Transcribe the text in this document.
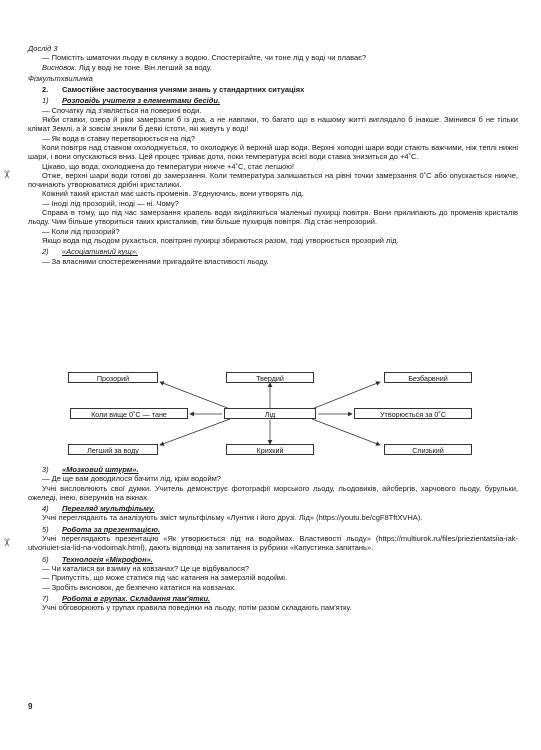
✂
✂

Дослід 3

— Помістіть шматочки льоду в склянку з водою. Спостерігайте, чи тоне лід у воді чи плаває?

Висновок. Лід у воді не тоне. Він легший за воду.

Фізкультхвилинка

2. Самостійне застосування учнями знань у стандартних ситуаціях

1) Розповідь учителя з елементами бесіди.

— Спочатку лід з'являється на поверхні води.

Якби ставки, озера й ріки замерзали б із дна, а не навпаки, то багато що в нашому житті виглядало б інакше. Змінився б не тільки клімат Землі, а й зовсім зникли б деякі істоти, які живуть у воді!

— Як вода в ставку перетворюється на лід?

Коли повітря над ставком охолоджується, то охолоджує й верхній шар води. Верхні холодні шари води стають важчими, ніж теплі нижні шари, і вони опускаються вниз. Цей процес триває доти, поки температура всієї води ставка знизиться до +4˚С.

Цікаво, що вода, охолоджена до температури нижче +4˚С, стає легшою!

Отже, верхні шари води готові до замерзання. Коли температура залишається на рівні точки замерзання 0˚С або опускається нижче, починають утворюватися дрібні кристалики.

Кожний такий кристал має шість променів. З'єднуючись, вони утворять лід.

— Іноді лід прозорий, іноді — ні. Чому?

Справа в тому, що під час замерзання крапель води виділяються маленькі пухирці повітря. Вони прилипають до променів кристалів льоду. Чим більше утвориться таких кристаликів, тим більше пухирців повітря. Лід стає непрозорий.

— Коли лід прозорий?

Якщо вода під льодом рухається, повітряні пухирці збираються разом, тоді утворюється прозорий лід.

2) «Асоціативний кущ».

— За власними спостереженнями пригадайте властивості льоду.

Прозорий	Твердий	Безбарвний
Коли вище 0˚С — тане	Лід	Утворюється за 0˚С
Легший за воду	Крихкий	Слизький

3) «Мозковий штурм».

— Де ще вам доводилося бачити лід, крім водойм?

Учні висловлюють свої думки. Учитель демонструє фотографії морського льоду, льодовиків, айсбергів, харчового льоду, бурульки, ожеледі, інею, візерунків на вікнах.

4) Перегляд мультфільму.

Учні переглядають та аналізують зміст мультфільму «Лунтик і його друзі. Лід» (https://youtu.be/cgF8TftXVHA).

5) Робота за презентацією.

Учні переглядають презентацію «Як утворюється лід на водоймах. Властивості льоду» (https://multiurok.ru/files/priezientatsiia-iak-utvoriuiet-sia-lid-na-vodoimak.html), дають відповіді на запитання із рубрики «Капустинка запитань».

6) Технологія «Мікрофон».

— Чи каталися ви взимку на ковзанах? Це це відбувалося?

— Припустіть, що може статися під час катання на замерзлій водоймі.

— Зробіть висновок, де безпечно кататися на ковзанах.

7) Робота в групах. Складання пам'ятки.

Учні обговорюють у групах правила поведінки на льоду, потім разом складають пам'ятку.

9
